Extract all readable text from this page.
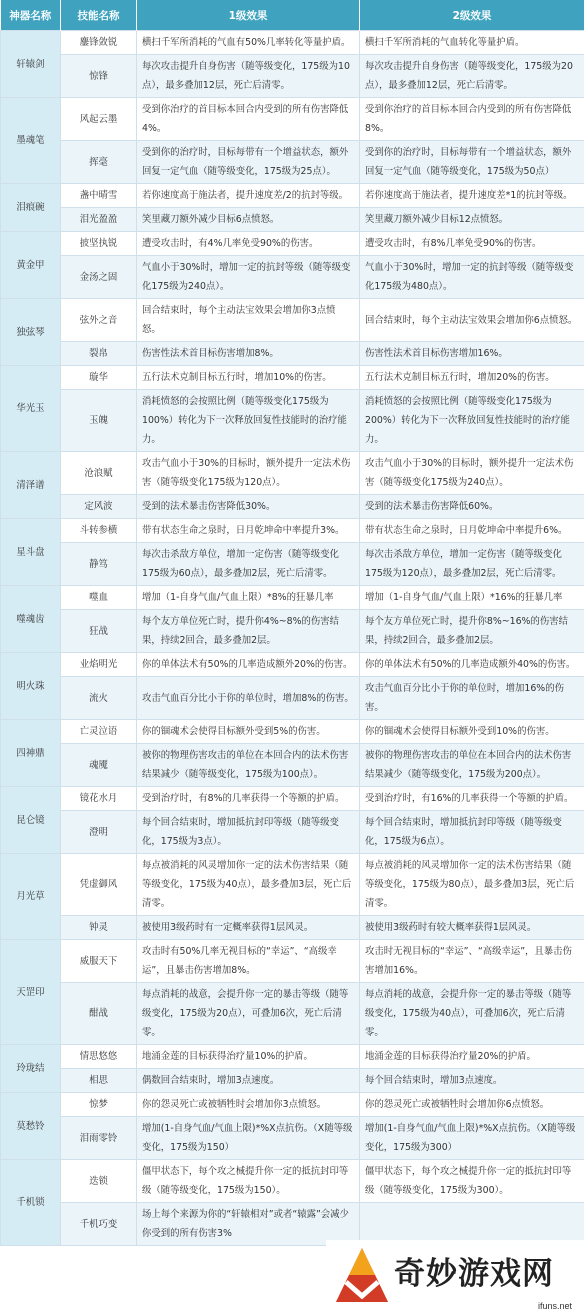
神器名称	技能名称	1级效果	2级效果
轩辕剑	鏖锋敛锐	横扫千军所消耗的气血有50%几率转化等量护盾。	横扫千军所消耗的气血转化等量护盾。
	惊锋	每次攻击提升自身伤害（随等级变化，175级为10点），最多叠加12层，死亡后清零。	每次攻击提升自身伤害（随等级变化，175级为20点），最多叠加12层，死亡后清零。
墨魂笔	风起云墨	受到你治疗的首目标本回合内受到的所有伤害降低4%。	受到你治疗的首目标本回合内受到的所有伤害降低8%。
	挥毫	受到你的治疗时，目标每带有一个增益状态，额外回复一定气血（随等级变化，175级为25点）。	受到你的治疗时，目标每带有一个增益状态，额外回复一定气血（随等级变化，175级为50点）
泪痕碗	盏中晴雪	若你速度高于施法者，提升速度差/2的抗封等级。	若你速度高于施法者，提升速度差*1的抗封等级。
	泪光盈盈	笑里藏刀额外减少目标6点愤怒。	笑里藏刀额外减少目标12点愤怒。
黄金甲	披坚执锐	遭受攻击时，有4%几率免受90%的伤害。	遭受攻击时，有8%几率免受90%的伤害。
	金汤之固	气血小于30%时，增加一定的抗封等级（随等级变化175级为240点）。	气血小于30%时，增加一定的抗封等级（随等级变化175级为480点）。
独弦琴	弦外之音	回合结束时，每个主动法宝效果会增加你3点愤怒。	回合结束时，每个主动法宝效果会增加你6点愤怒。
	裂帛	伤害性法术首目标伤害增加8%。	伤害性法术首目标伤害增加16%。
华光玉	璇华	五行法术克制目标五行时，增加10%的伤害。	五行法术克制目标五行时，增加20%的伤害。
	玉魄	消耗愤怒的会按照比例（随等级变化175级为100%）转化为下一次释放回复性技能时的治疗能力。	消耗愤怒的会按照比例（随等级变化175级为200%）转化为下一次释放回复性技能时的治疗能力。
清泽谱	沧浪赋	攻击气血小于30%的目标时，额外提升一定法术伤害（随等级变化175级为120点）。	攻击气血小于30%的目标时，额外提升一定法术伤害（随等级变化175级为240点）。
	定风波	受到的法术暴击伤害降低30%。	受到的法术暴击伤害降低60%。
星斗盘	斗转参横	带有状态生命之泉时，日月乾坤命中率提升3%。	带有状态生命之泉时，日月乾坤命中率提升6%。
	静笃	每次击杀敌方单位，增加一定伤害（随等级变化175级为60点），最多叠加2层，死亡后清零。	每次击杀敌方单位，增加一定伤害（随等级变化175级为120点），最多叠加2层，死亡后清零。
噬魂齿	噬血	增加（1-自身气血/气血上限）*8%的狂暴几率	增加（1-自身气血/气血上限）*16%的狂暴几率
	狂战	每个友方单位死亡时，提升你4%~8%的伤害结果，持续2回合，最多叠加2层。	每个友方单位死亡时，提升你8%~16%的伤害结果，持续2回合，最多叠加2层。
明火珠	业焰明光	你的单体法术有50%的几率造成额外20%的伤害。	你的单体法术有50%的几率造成额外40%的伤害。
	流火	攻击气血百分比小于你的单位时，增加8%的伤害。	攻击气血百分比小于你的单位时，增加16%的伤害。
四神鼎	亡灵泣语	你的锢魂术会使得目标额外受到5%的伤害。	你的锢魂术会使得目标额外受到10%的伤害。
	魂魇	被你的物理伤害攻击的单位在本回合内的法术伤害结果减少（随等级变化，175级为100点）。	被你的物理伤害攻击的单位在本回合内的法术伤害结果减少（随等级变化，175级为200点）。
昆仑镜	镜花水月	受到治疗时，有8%的几率获得一个等额的护盾。	受到治疗时，有16%的几率获得一个等额的护盾。
	澄明	每个回合结束时，增加抵抗封印等级（随等级变化，175级为3点）。	每个回合结束时，增加抵抗封印等级（随等级变化，175级为6点）。
月光草	凭虚御风	每点被消耗的风灵增加你一定的法术伤害结果（随等级变化，175级为40点），最多叠加3层，死亡后清零。	每点被消耗的风灵增加你一定的法术伤害结果（随等级变化，175级为80点），最多叠加3层，死亡后清零。
	钟灵	被使用3级药时有一定概率获得1层风灵。	被使用3级药时有较大概率获得1层风灵。
天罡印	威服天下	攻击时有50%几率无视目标的“幸运”、“高级幸运”，且暴击伤害增加8%。	攻击时无视目标的“幸运”、“高级幸运”，且暴击伤害增加16%。
	酣战	每点消耗的战意，会提升你一定的暴击等级（随等级变化，175级为20点），可叠加6次，死亡后清零。	每点消耗的战意，会提升你一定的暴击等级（随等级变化，175级为40点），可叠加6次，死亡后清零。
玲珑结	情思悠悠	地涌金莲的目标获得治疗量10%的护盾。	地涌金莲的目标获得治疗量20%的护盾。
	相思	偶数回合结束时，增加3点速度。	每个回合结束时，增加3点速度。
莫愁铃	惊梦	你的怨灵死亡或被牺牲时会增加你3点愤怒。	你的怨灵死亡或被牺牲时会增加你6点愤怒。
	泪雨零铃	增加(1-自身气血/气血上限)*%X点抗伤。（X随等级变化，175级为150）	增加(1-自身气血/气血上限)*%X点抗伤。（X随等级变化，175级为300）
千机锁	迭锁	僵甲状态下，每个攻之械提升你一定的抵抗封印等级（随等级变化，175级为150）。	僵甲状态下，每个攻之械提升你一定的抵抗封印等级（随等级变化，175级为300）。
	千机巧变	场上每个来源为你的“轩辕相对”或者“辕露”会减少你受到的所有伤害3%	
奇妙游戏网
ifuns.net
